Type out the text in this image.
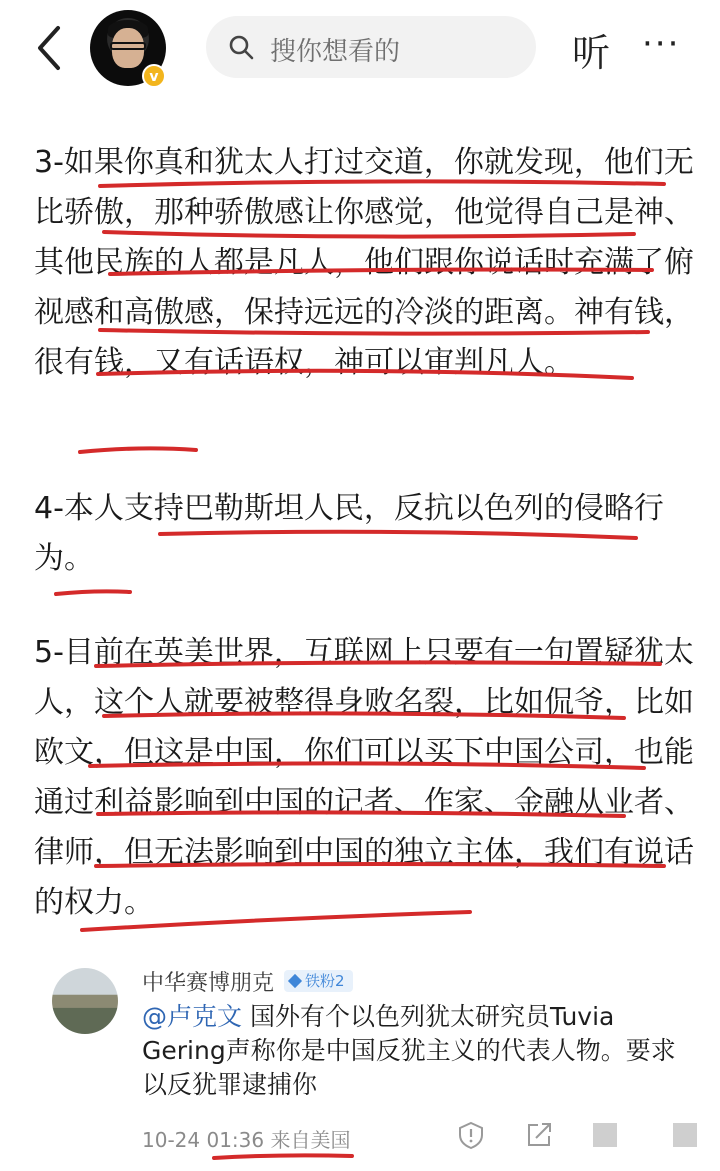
v
搜你想看的	听 ···

3-如果你真和犹太人打过交道，你就发现，他们无比骄傲，那种骄傲感让你感觉，他觉得自己是神、其他民族的人都是凡人，他们跟你说话时充满了俯视感和高傲感，保持远远的冷淡的距离。神有钱，很有钱，又有话语权，神可以审判凡人。

4-本人支持巴勒斯坦人民，反抗以色列的侵略行为。

5-目前在英美世界，互联网上只要有一句置疑犹太人，这个人就要被整得身败名裂，比如侃爷，比如欧文，但这是中国，你们可以买下中国公司，也能通过利益影响到中国的记者、作家、金融从业者、律师，但无法影响到中国的独立主体，我们有说话的权力。

中华赛博朋克	铁粉2

@卢克文 国外有个以色列犹太研究员Tuvia Gering声称你是中国反犹主义的代表人物。要求以反犹罪逮捕你

10-24 01:36 来自美国
